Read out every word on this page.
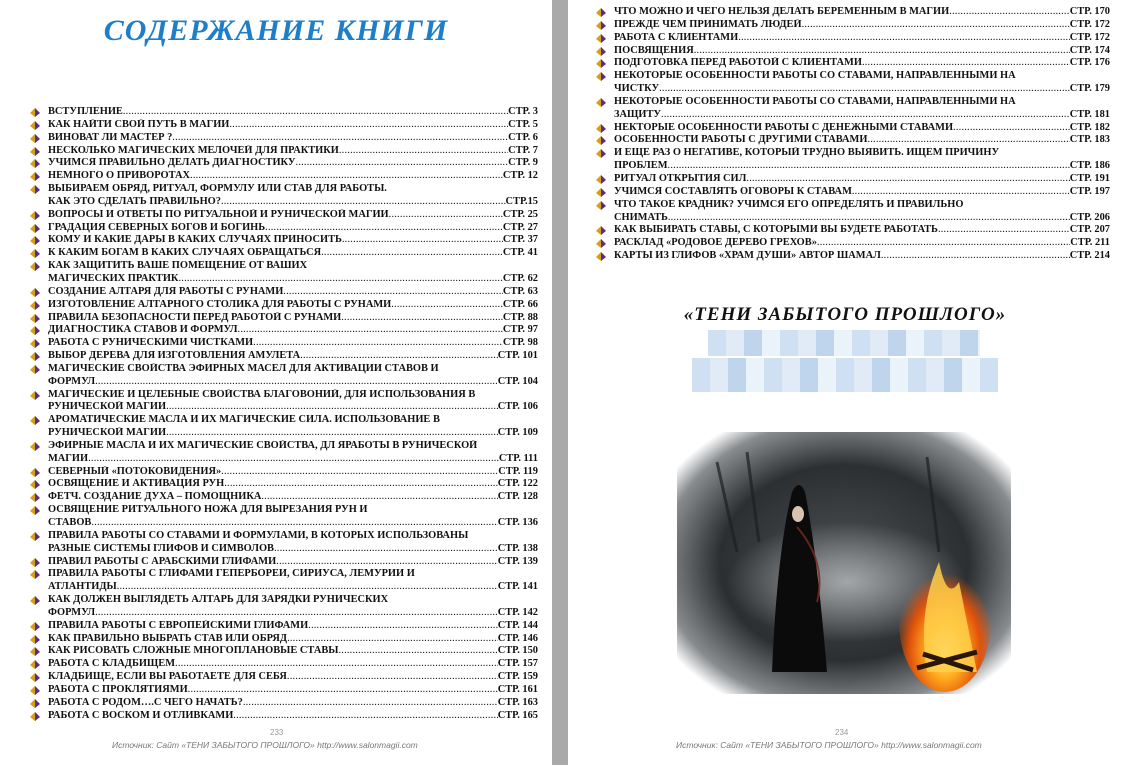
СОДЕРЖАНИЕ КНИГИ
ВСТУПЛЕНИЕ .....	СТР. 3
КАК НАЙТИ СВОЙ ПУТЬ В МАГИИ .....	СТР. 5
ВИНОВАТ ЛИ МАСТЕР ? .....	СТР. 6
НЕСКОЛЬКО МАГИЧЕСКИХ МЕЛОЧЕЙ ДЛЯ ПРАКТИКИ .....	СТР. 7
УЧИМСЯ ПРАВИЛЬНО ДЕЛАТЬ ДИАГНОСТИКУ .....	СТР. 9
НЕМНОГО О ПРИВОРОТАХ .....	СТР. 12
ВЫБИРАЕМ ОБРЯД, РИТУАЛ, ФОРМУЛУ ИЛИ СТАВ ДЛЯ РАБОТЫ.
КАК ЭТО СДЕЛАТЬ ПРАВИЛЬНО? .....	СТР.15
ВОПРОСЫ И ОТВЕТЫ ПО РИТУАЛЬНОЙ И РУНИЧЕСКОЙ МАГИИ .....	СТР. 25
ГРАДАЦИЯ СЕВЕРНЫХ БОГОВ И БОГИНЬ .....	СТР. 27
КОМУ И КАКИЕ ДАРЫ В КАКИХ СЛУЧАЯХ ПРИНОСИТЬ .....	СТР. 37
К КАКИМ БОГАМ В КАКИХ СЛУЧАЯХ ОБРАЩАТЬСЯ .....	СТР. 41
КАК ЗАЩИТИТЬ ВАШЕ ПОМЕЩЕНИЕ ОТ ВАШИХ
МАГИЧЕСКИХ ПРАКТИК .....	СТР. 62
СОЗДАНИЕ АЛТАРЯ ДЛЯ РАБОТЫ С РУНАМИ .....	СТР. 63
ИЗГОТОВЛЕНИЕ АЛТАРНОГО СТОЛИКА ДЛЯ РАБОТЫ С РУНАМИ .....	СТР. 66
ПРАВИЛА БЕЗОПАСНОСТИ ПЕРЕД РАБОТОЙ С РУНАМИ .....	СТР. 88
ДИАГНОСТИКА СТАВОВ И ФОРМУЛ .....	СТР. 97
РАБОТА С РУНИЧЕСКИМИ ЧИСТКАМИ .....	СТР. 98
ВЫБОР ДЕРЕВА ДЛЯ ИЗГОТОВЛЕНИЯ АМУЛЕТА .....	СТР. 101
МАГИЧЕСКИЕ СВОЙСТВА ЭФИРНЫХ МАСЕЛ ДЛЯ АКТИВАЦИИ СТАВОВ И
ФОРМУЛ .....	СТР. 104
МАГИЧЕСКИЕ И ЦЕЛЕБНЫЕ СВОЙСТВА БЛАГОВОНИЙ, ДЛЯ ИСПОЛЬЗОВАНИЯ В
РУНИЧЕСКОЙ МАГИИ .....	СТР. 106
АРОМАТИЧЕСКИЕ МАСЛА И ИХ МАГИЧЕСКИЕ СИЛА. ИСПОЛЬЗОВАНИЕ В
РУНИЧЕСКОЙ МАГИИ .....	СТР. 109
ЭФИРНЫЕ МАСЛА И ИХ МАГИЧЕСКИЕ СВОЙСТВА, ДЛ ЯРАБОТЫ В РУНИЧЕСКОЙ
МАГИИ .....	СТР. 111
СЕВЕРНЫЙ «ПОТОКОВИДЕНИЯ» .....	СТР. 119
ОСВЯЩЕНИЕ И АКТИВАЦИЯ РУН .....	СТР. 122
ФЕТЧ. СОЗДАНИЕ ДУХА – ПОМОЩНИКА .....	СТР. 128
ОСВЯЩЕНИЕ РИТУАЛЬНОГО НОЖА ДЛЯ ВЫРЕЗАНИЯ РУН И
СТАВОВ .....	СТР. 136
ПРАВИЛА РАБОТЫ СО СТАВАМИ И ФОРМУЛАМИ, В КОТОРЫХ ИСПОЛЬЗОВАНЫ
РАЗНЫЕ СИСТЕМЫ ГЛИФОВ И СИМВОЛОВ .....	СТР. 138
ПРАВИЛ РАБОТЫ С АРАБСКИМИ ГЛИФАМИ .....	СТР. 139
ПРАВИЛА РАБОТЫ С ГЛИФАМИ ГЕПЕРБОРЕИ, СИРИУСА, ЛЕМУРИИ И
АТЛАНТИДЫ .....	СТР. 141
КАК ДОЛЖЕН ВЫГЛЯДЕТЬ АЛТАРЬ ДЛЯ ЗАРЯДКИ РУНИЧЕСКИХ
ФОРМУЛ .....	СТР. 142
ПРАВИЛА РАБОТЫ С ЕВРОПЕЙСКИМИ ГЛИФАМИ .....	СТР. 144
КАК ПРАВИЛЬНО ВЫБРАТЬ СТАВ ИЛИ ОБРЯД .....	СТР. 146
КАК РИСОВАТЬ СЛОЖНЫЕ МНОГОПЛАНОВЫЕ СТАВЫ .....	СТР. 150
РАБОТА С КЛАДБИЩЕМ .....	СТР. 157
КЛАДБИЩЕ, ЕСЛИ ВЫ РАБОТАЕТЕ ДЛЯ СЕБЯ .....	СТР. 159
РАБОТА С ПРОКЛЯТИЯМИ .....	СТР. 161
РАБОТА С РОДОМ….С ЧЕГО НАЧАТЬ? .....	СТР. 163
РАБОТА С ВОСКОМ И ОТЛИВКАМИ .....	СТР. 165
233
Источник: Сайт «ТЕНИ ЗАБЫТОГО ПРОШЛОГО» http://www.salonmagii.com
ЧТО МОЖНО И ЧЕГО НЕЛЬЗЯ ДЕЛАТЬ БЕРЕМЕННЫМ В МАГИИ .....	СТР. 170
ПРЕЖДЕ ЧЕМ ПРИНИМАТЬ ЛЮДЕЙ .....	СТР. 172
РАБОТА С КЛИЕНТАМИ .....	СТР. 172
ПОСВЯЩЕНИЯ .....	СТР. 174
ПОДГОТОВКА ПЕРЕД РАБОТОЙ С КЛИЕНТАМИ .....	СТР. 176
НЕКОТОРЫЕ ОСОБЕННОСТИ РАБОТЫ СО СТАВАМИ, НАПРАВЛЕННЫМИ НА
ЧИСТКУ .....	СТР. 179
НЕКОТОРЫЕ ОСОБЕННОСТИ РАБОТЫ СО СТАВАМИ, НАПРАВЛЕННЫМИ НА
ЗАЩИТУ .....	СТР. 181
НЕКТОРЫЕ ОСОБЕННОСТИ РАБОТЫ С ДЕНЕЖНЫМИ СТАВАМИ .....	СТР. 182
ОСОБЕННОСТИ РАБОТЫ С ДРУГИМИ СТАВАМИ .....	СТР. 183
И ЕЩЕ РАЗ О НЕГАТИВЕ, КОТОРЫЙ ТРУДНО ВЫЯВИТЬ. ИЩЕМ ПРИЧИНУ
ПРОБЛЕМ .....	СТР. 186
РИТУАЛ ОТКРЫТИЯ СИЛ .....	СТР. 191
УЧИМСЯ СОСТАВЛЯТЬ ОГОВОРЫ К СТАВАМ .....	СТР. 197
ЧТО ТАКОЕ КРАДНИК? УЧИМСЯ ЕГО ОПРЕДЕЛЯТЬ И ПРАВИЛЬНО
СНИМАТЬ .....	СТР. 206
КАК ВЫБИРАТЬ СТАВЫ, С КОТОРЫМИ ВЫ БУДЕТЕ РАБОТАТЬ .....	СТР. 207
РАСКЛАД «РОДОВОЕ ДЕРЕВО ГРЕХОВ» .....	СТР. 211
КАРТЫ ИЗ ГЛИФОВ «ХРАМ ДУШИ» АВТОР ШАМАЛ .....	СТР. 214
«ТЕНИ ЗАБЫТОГО ПРОШЛОГО»
234
Источник: Сайт «ТЕНИ ЗАБЫТОГО ПРОШЛОГО» http://www.salonmagii.com
